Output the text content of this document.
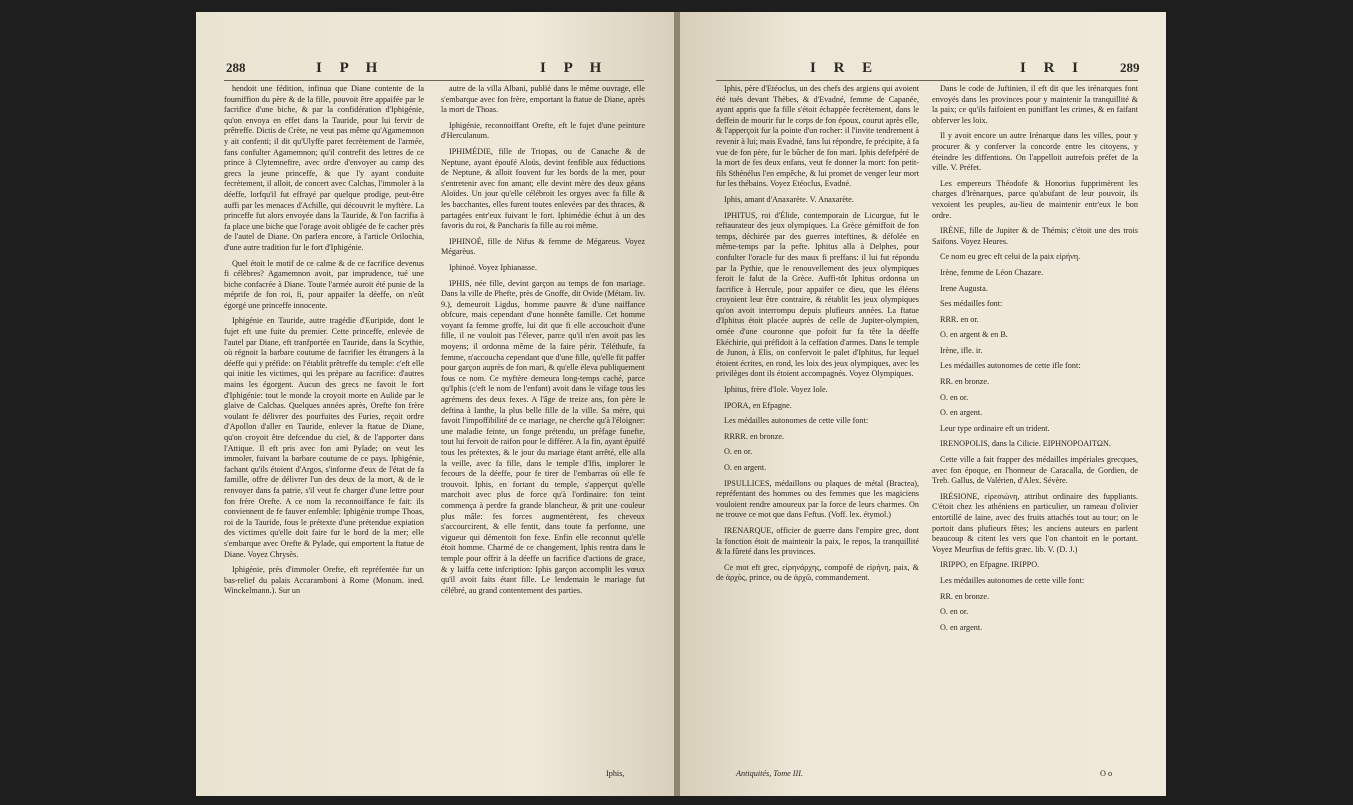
288	I P H	I P H

hendoit une fédition, infinua que Diane contente de la foumiffion du père & de la fille, pouvoit être appaifée par le facrifice d'une biche, & par la confidération d'Iphigénie, qu'on envoya en effet dans la Tauride, pour lui fervir de prêtreffe. Dictis de Crète, ne veut pas même qu'Agamemnon y ait confenti; il dit qu'Ulyffe paret fecrètement de l'armée, fans confulter Agamemnon; qu'il contrefit des lettres de ce prince à Clytemneftre, avec ordre d'envoyer au camp des grecs la jeune princeffe, & que l'y ayant conduite fecrètement, il alloit, de concert avec Calchas, l'immoler à la déeffe, lorfqu'il fut effrayé par quelque prodige, peut-être auffi par les menaces d'Achille, qui découvrit le myftère. La princeffe fut alors envoyée dans la Tauride, & l'on facrifia à fa place une biche que l'orage avoit obligée de fe cacher près de l'autel de Diane. On parlera encore, à l'article Orilochia, d'une autre tradition fur le fort d'Iphigénie.

Quel étoit le motif de ce calme & de ce facrifice devenus fi célèbres? Agamemnon avoit, par imprudence, tué une biche confacrée à Diane. Toute l'armée auroit été punie de la méprife de fon roi, fi, pour appaifer la déeffe, on n'eût égorgé une princeffe innocente.

Iphigénie en Tauride, autre tragédie d'Euripide, dont le fujet eft une fuite du premier. Cette princeffe, enlevée de l'autel par Diane, eft tranfportée en Tauride, dans la Scythie, où régnoit la barbare coutume de facrifier les étrangers à la déeffe qui y préfide: on l'établit prêtreffe du temple: c'eft elle qui initie les victimes, qui les prépare au facrifice: d'autres mains les égorgent. Aucun des grecs ne favoit le fort d'Iphigénie: tout le monde la croyoit morte en Aulide par le glaive de Calchas. Quelques années après, Orefte fon frère voulant fe délivrer des pourfuites des Furies, reçoit ordre d'Apollon d'aller en Tauride, enlever la ftatue de Diane, qu'on croyoit être defcendue du ciel, & de l'apporter dans l'Attique. Il eft pris avec fon ami Pylade; on veut les immoler, fuivant la barbare coutume de ce pays. Iphigénie, fachant qu'ils étoient d'Argos, s'informe d'eux de l'état de fa famille, offre de délivrer l'un des deux de la mort, & de le renvoyer dans fa patrie, s'il veut fe charger d'une lettre pour fon frère Orefte. A ce nom la reconnoiffance fe fait: ils conviennent de fe fauver enfemble: Iphigénie trompe Thoas, roi de la Tauride, fous le prétexte d'une prétendue expiation des victimes qu'elle doit faire fur le bord de la mer; elle s'embarque avec Orefte & Pylade, qui emportent la ftatue de Diane. Voyez Chrysès.

Iphigénie, près d'immoler Orefte, eft repréfentée fur un bas-relief du palais Accaramboni à Rome (Monum. ined. Winckelmann.). Sur un

autre de la villa Albani, publié dans le même ouvrage, elle s'embarque avec fon frère, emportant la ftatue de Diane, après la mort de Thoas.

Iphigénie, reconnoiffant Orefte, eft le fujet d'une peinture d'Herculanum.

IPHIMÉDIE, fille de Triopas, ou de Canache & de Neptune, ayant époufé Aloüs, devint fenfible aux féductions de Neptune, & alloit fouvent fur les bords de la mer, pour s'entretenir avec fon amant; elle devint mère des deux géans Aloïdes. Un jour qu'elle célébroit les orgyes avec fa fille & les bacchantes, elles furent toutes enlevées par des thraces, & partagées entr'eux fuivant le fort. Iphimédie échut à un des favoris du roi, & Pancharis fa fille au roi même.

IPHINOÉ, fille de Nifus & femme de Mégareus. Voyez Mégarèus.

Iphinoé. Voyez Iphianasse.

IPHIS, née fille, devint garçon au temps de fon mariage. Dans la ville de Phefte, près de Gnoffe, dit Ovide (Métam. liv. 9.), demeuroit Ligdus, homme pauvre & d'une naiffance obfcure, mais cependant d'une honnête famille. Cet homme voyant fa femme groffe, lui dit que fi elle accouchoit d'une fille, il ne vouloit pas l'élever, parce qu'il n'en avoit pas les moyens; il ordonna même de la faire périr. Téléthufe, fa femme, n'accoucha cependant que d'une fille, qu'elle fit paffer pour garçon auprès de fon mari, & qu'elle éleva publiquement fous ce nom. Ce myftère demeura long-temps caché, parce qu'Iphis (c'eft le nom de l'enfant) avoit dans le vifage tous les agrémens des deux fexes. A l'âge de treize ans, fon père le deftina à Ianthe, la plus belle fille de la ville. Sa mère, qui favoit l'impoffibilité de ce mariage, ne cherche qu'à l'éloigner: une maladie feinte, un fonge prétendu, un préfage funefte, tout lui fervoit de raifon pour le différer. A la fin, ayant épuifé tous les prétextes, & le jour du mariage étant arrêté, elle alla la veille, avec fa fille, dans le temple d'Ifis, implorer le fecours de la déeffe, pour fe tirer de l'embarras où elle fe trouvoit. Iphis, en fortant du temple, s'apperçut qu'elle marchoit avec plus de force qu'à l'ordinaire: fon teint commença à perdre fa grande blancheur, & prit une couleur plus mâle: fes forces augmentèrent, fes cheveux s'accourcirent, & elle fentit, dans toute fa perfonne, une vigueur qui démentoit fon fexe. Enfin elle reconnut qu'elle étoit homme. Charmé de ce changement, Iphis rentra dans le temple pour offrir à la déeffe un facrifice d'actions de grace, & y laiffa cette infcription: Iphis garçon accomplit les vœux qu'il avoit faits étant fille. Le lendemain le mariage fut célébré, au grand contentement des parties.

Iphis,
I R E	I R I	289

Iphis, père d'Etéoclus, un des chefs des argiens qui avoient été tués devant Thèbes, & d'Evadné, femme de Capanée, ayant appris que fa fille s'étoit échappée fecrètement, dans le deffein de mourir fur le corps de fon époux, courut après elle, & l'apperçoit fur la pointe d'un rocher: il l'invite tendrement à revenir à lui; mais Evadné, fans lui répondre, fe précipite, à fa vue de fon père, fur le bûcher de fon mari. Iphis defefpéré de la mort de fes deux enfans, veut fe donner la mort: fon petit-fils Sthénélus l'en empêche, & lui promet de venger leur mort fur les thébains. Voyez Etéoclus, Evadné.

Iphis, amant d'Anaxarète. V. Anaxarète.

IPHITUS, roi d'Élide, contemporain de Licurgue, fut le reftaurateur des jeux olympiques. La Grèce gémiffoit de fon temps, déchirée par des guerres inteftines, & défolée en même-temps par la pefte. Iphitus alla à Delphes, pour confulter l'oracle fur des maux fi preffans: il lui fut répondu par la Pythie, que le renouvellement des jeux olympiques feroit le falut de la Grèce. Auffi-tôt Iphitus ordonna un facrifice à Hercule, pour appaifer ce dieu, que les éléens croyoient leur être contraire, & rétablit les jeux olympiques qu'on avoit interrompu depuis plufieurs années. La ftatue d'Iphitus étoit placée auprès de celle de Jupiter-olympien, ornée d'une couronne que pofoit fur fa tête la déeffe Ekéchirie, qui préfidoit à la ceffation d'armes. Dans le temple de Junon, à Elis, on confervoit le palet d'Iphitus, fur lequel étoient écrites, en rond, les loix des jeux olympiques, avec les privilèges dont ils étoient accompagnés. Voyez Olympiques.

Iphitus, frère d'Iole. Voyez Iole.

IPORA, en Efpagne.

Les médailles autonomes de cette ville font:

RRRR. en bronze.

O. en or.

O. en argent.

IPSULLICES, médaillons ou plaques de métal (Bractea), repréfentant des hommes ou des femmes que les magiciens vouloient rendre amoureux par la force de leurs charmes. On ne trouve ce mot que dans Feftus. (Voff. lex. étymol.)

IRENARQUE, officier de guerre dans l'empire grec, dont la fonction étoit de maintenir la paix, le repos, la tranquillité & la fûreté dans les provinces.

Ce mot eft grec, εἰρηνάρχης, compofé de εἰρήνη, paix, & de ἀρχὸς, prince, ou de ἀρχῶ, commandement.

Dans le code de Juftinien, il eft dit que les irénarques font envoyés dans les provinces pour y maintenir la tranquillité & la paix; ce qu'ils faifoient en puniffant les crimes, & en faifant obferver les loix.

Il y avoit encore un autre Irénarque dans les villes, pour y procurer & y conferver la concorde entre les citoyens, y éteindre les diffentions. On l'appelloit autrefois préfet de la ville. V. Préfet.

Les empereurs Théodofe & Honorius fupprimèrent les charges d'Irénarques, parce qu'abufant de leur pouvoir, ils vexoient les peuples, au-lieu de maintenir entr'eux le bon ordre.

IRÈNE, fille de Jupiter & de Thémis; c'étoit une des trois Saifons. Voyez Heures.

Ce nom eu grec eft celui de la paix εἰρήνη.

Irène, femme de Léon Chazare.

Irene Augusta.

Ses médailles font:

RRR. en or.

O. en argent & en B.

Irène, ifle. ir.

Les médailles autonomes de cette ifle font:

RR. en bronze.

O. en or.

O. en argent.

Leur type ordinaire eft un trident.

IRENOPOLIS, dans la Cilicie. EIPHNOPOAITΩN.

Cette ville a fait frapper des médailles impériales grecques, avec fon époque, en l'honneur de Caracalla, de Gordien, de Treb. Gallus, de Valérien, d'Alex. Sévère.

IRÉSIONE, εἰρεσιώνη, attribut ordinaire des fuppliants. C'étoit chez les athéniens en particulier, un rameau d'olivier entortillé de laine, avec des fruits attachés tout au tour; on le portoit dans plufieurs fêtes; les anciens auteurs en parlent beaucoup & citent les vers que l'on chantoit en le portant. Voyez Meurfius de feftis græc. lib. V. (D. J.)

IRIPPO, en Efpagne. IRIPPO.

Les médailles autonomes de cette ville font:

RR. en bronze.

O. en or.

O. en argent.

Antiquités, Tome III.	O o
